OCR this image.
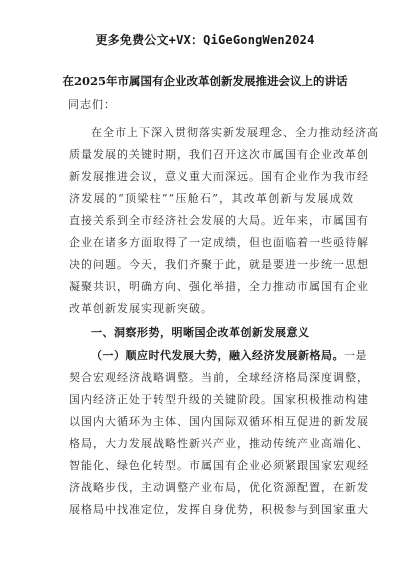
更多免费公文+VX：QiGeGongWen2024
在2025年市属国有企业改革创新发展推进会议上的讲话
同志们：
在全市上下深入贯彻落实新发展理念、全力推动经济高
质量发展的关键时期，我们召开这次市属国有企业改革创
新发展推进会议，意义重大而深远。国有企业作为我市经
济发展的“顶梁柱”“压舱石”，其改革创新与发展成效
直接关系到全市经济社会发展的大局。近年来，市属国有
企业在诸多方面取得了一定成绩，但也面临着一些亟待解
决的问题。今天，我们齐聚于此，就是要进一步统一思想
凝聚共识，明确方向、强化举措，全力推动市属国有企业
改革创新发展实现新突破。
一、洞察形势，明晰国企改革创新发展意义
（一）顺应时代发展大势，融入经济发展新格局。一是
契合宏观经济战略调整。当前，全球经济格局深度调整，
国内经济正处于转型升级的关键阶段。国家积极推动构建
以国内大循环为主体、国内国际双循环相互促进的新发展
格局，大力发展战略性新兴产业，推动传统产业高端化、
智能化、绿色化转型。市属国有企业必须紧跟国家宏观经
济战略步伐，主动调整产业布局，优化资源配置，在新发
展格局中找准定位，发挥自身优势，积极参与到国家重大
